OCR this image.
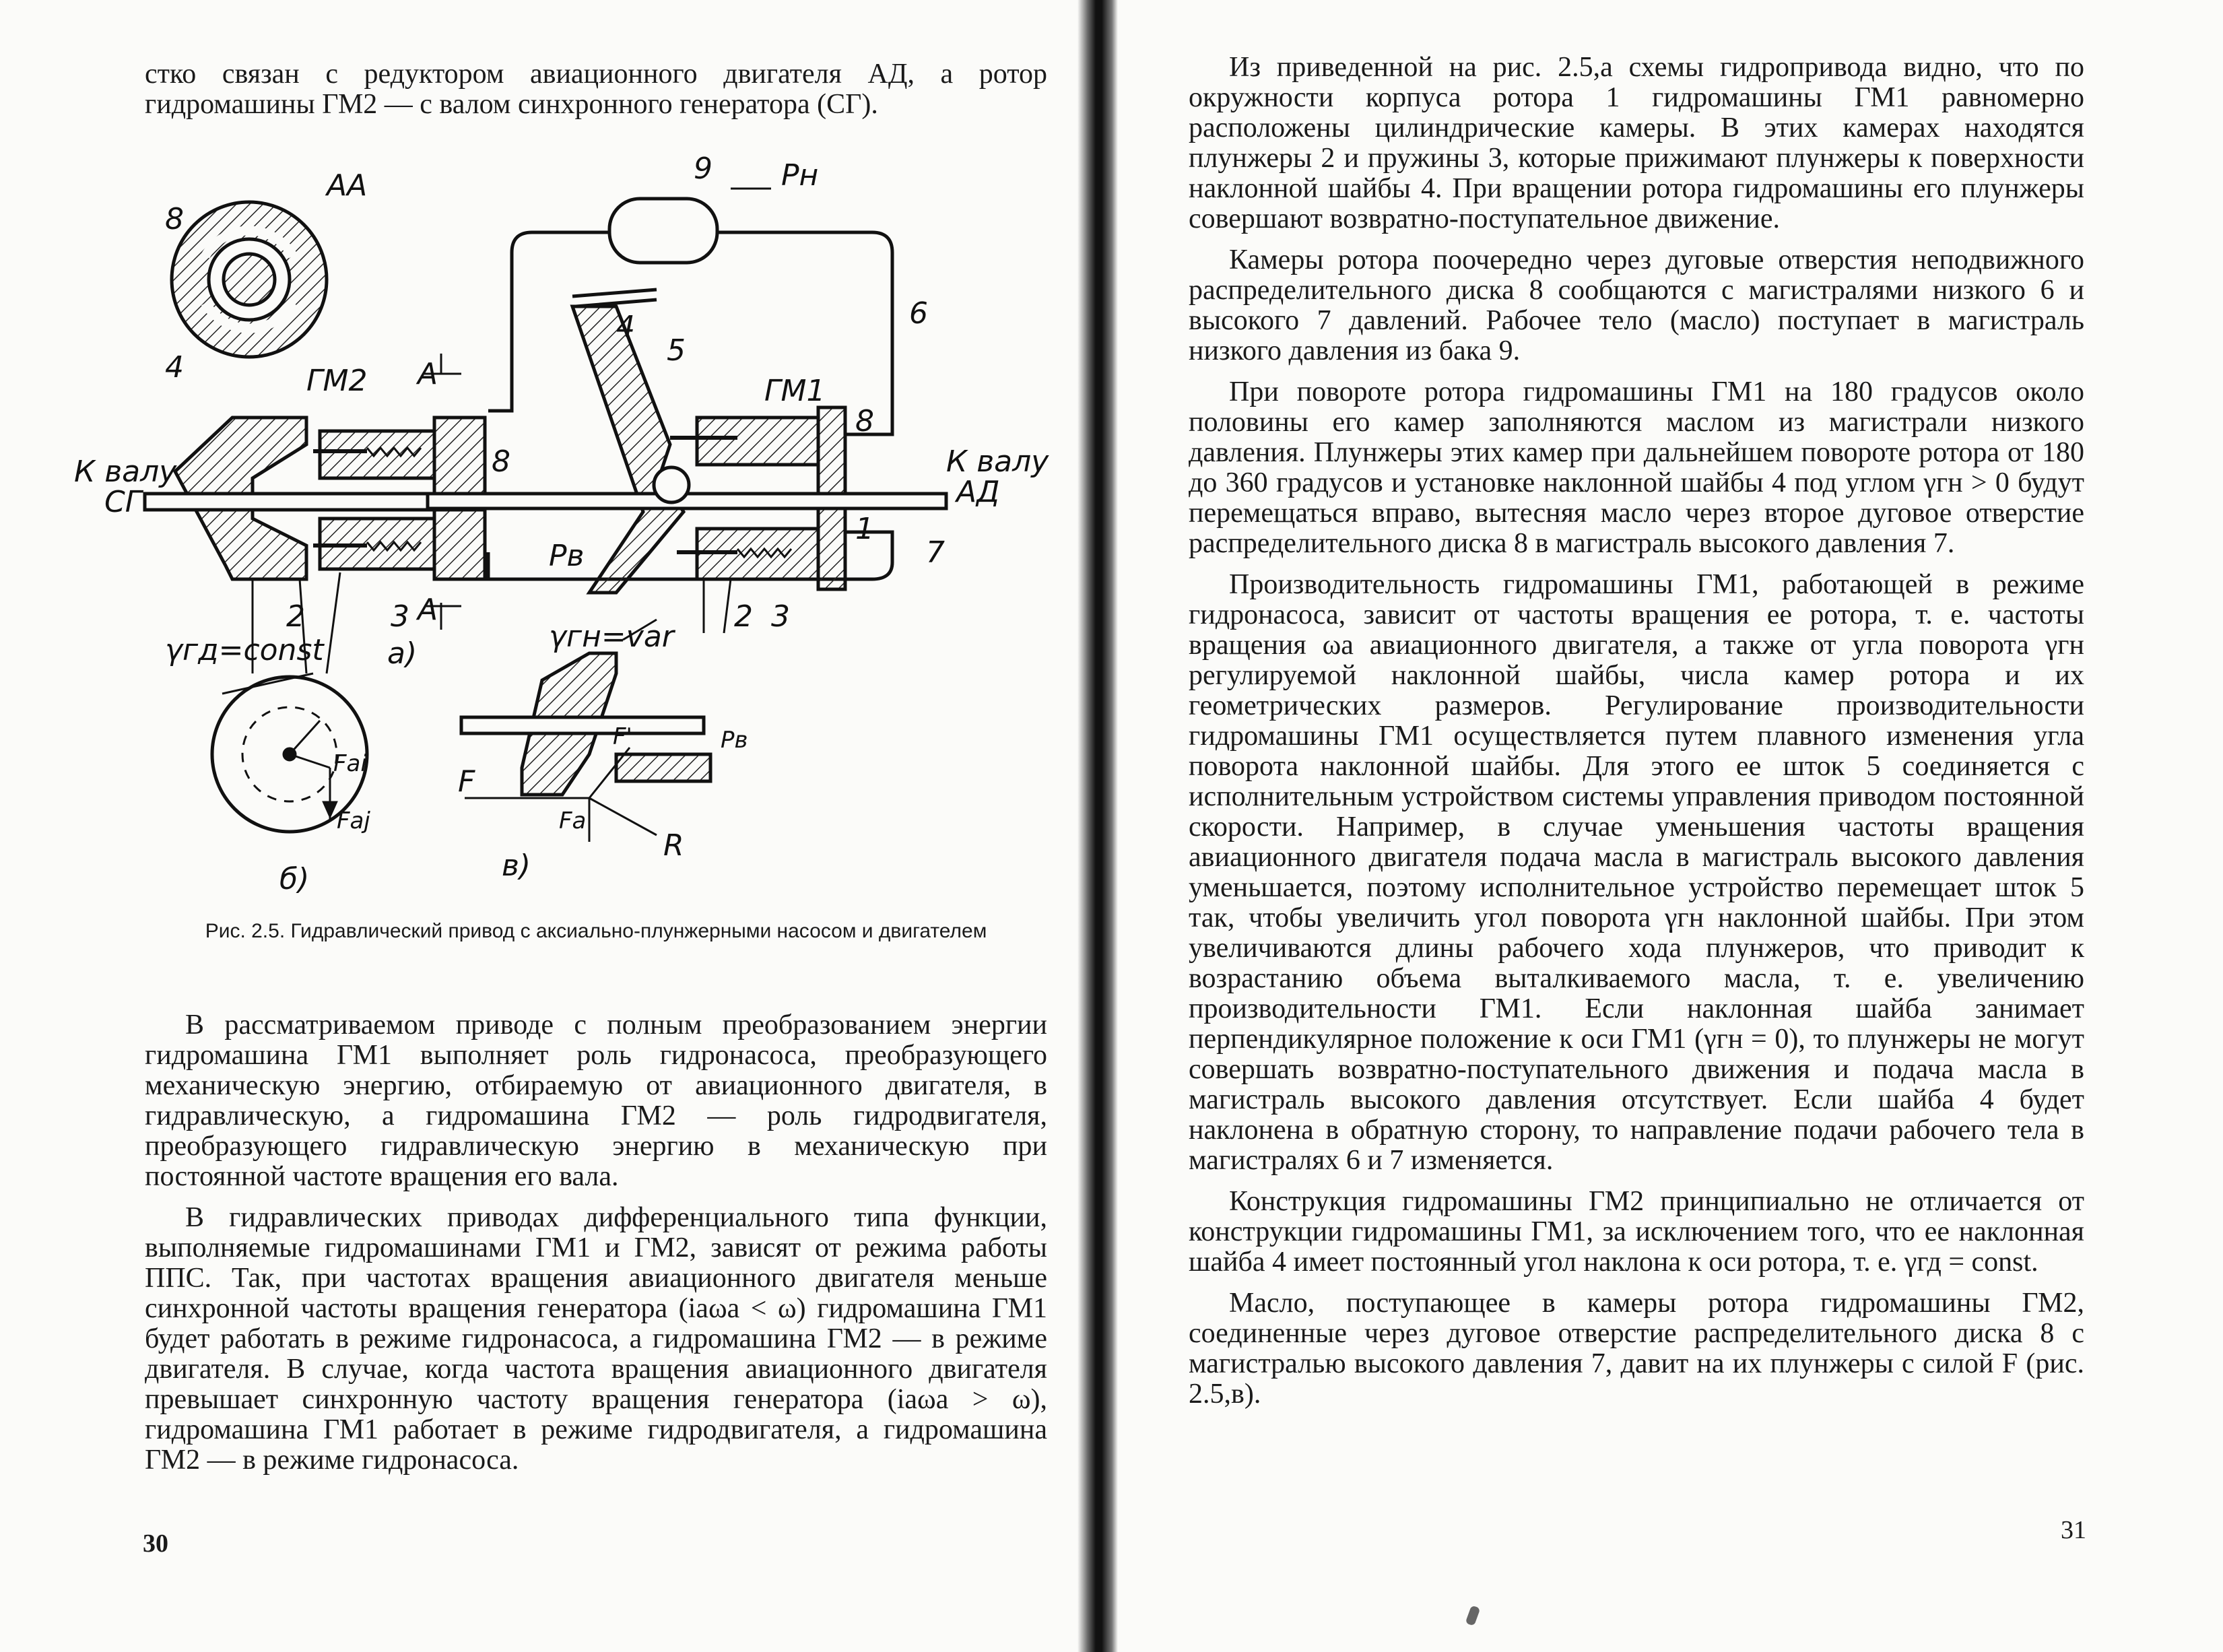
стко связан с редуктором авиационного двигателя АД, а ротор гидромашины ГМ2 — с валом синхронного генератора (СГ).

АА
8
9 Pн
6
4
5
4	ГМ2 А	ГМ1
8
8
К валу
СГ
К валу
АД
1
7
Pв
2	3 А	2 3
γгд=const	γгн=var
а)
Fai
Faj
б)
F'	Pв
F
Fa
R
в)
Рис. 2.5. Гидравлический привод с аксиально-плунжерными насосом и двигателем

В рассматриваемом приводе с полным преобразованием энергии гидромашина ГМ1 выполняет роль гидронасоса, преобразующего механическую энергию, отбираемую от авиационного двигателя, в гидравлическую, а гидромашина ГМ2 — роль гидродвигателя, преобразующего гидравлическую энергию в механическую при постоянной частоте вращения его вала.

В гидравлических приводах дифференциального типа функции, выполняемые гидромашинами ГМ1 и ГМ2, зависят от режима работы ППС. Так, при частотах вращения авиационного двигателя меньше синхронной частоты вращения генератора (iаωа < ω) гидромашина ГМ1 будет работать в режиме гидронасоса, а гидромашина ГМ2 — в режиме двигателя. В случае, когда частота вращения авиационного двигателя превышает синхронную частоту вращения генератора (iаωа > ω), гидромашина ГМ1 работает в режиме гидродвигателя, а гидромашина ГМ2 — в режиме гидронасоса.

30

Из приведенной на рис. 2.5,а схемы гидропривода видно, что по окружности корпуса ротора 1 гидромашины ГМ1 равномерно расположены цилиндрические камеры. В этих камерах находятся плунжеры 2 и пружины 3, которые прижимают плунжеры к поверхности наклонной шайбы 4. При вращении ротора гидромашины его плунжеры совершают возвратно-поступательное движение.

Камеры ротора поочередно через дуговые отверстия неподвижного распределительного диска 8 сообщаются с магистралями низкого 6 и высокого 7 давлений. Рабочее тело (масло) поступает в магистраль низкого давления из бака 9.

При повороте ротора гидромашины ГМ1 на 180 градусов около половины его камер заполняются маслом из магистрали низкого давления. Плунжеры этих камер при дальнейшем повороте ротора от 180 до 360 градусов и установке наклонной шайбы 4 под углом γгн > 0 будут перемещаться вправо, вытесняя масло через второе дуговое отверстие распределительного диска 8 в магистраль высокого давления 7.

Производительность гидромашины ГМ1, работающей в режиме гидронасоса, зависит от частоты вращения ее ротора, т. е. частоты вращения ωа авиационного двигателя, а также от угла поворота γгн регулируемой наклонной шайбы, числа камер ротора и их геометрических размеров. Регулирование производительности гидромашины ГМ1 осуществляется путем плавного изменения угла поворота наклонной шайбы. Для этого ее шток 5 соединяется с исполнительным устройством системы управления приводом постоянной скорости. Например, в случае уменьшения частоты вращения авиационного двигателя подача масла в магистраль высокого давления уменьшается, поэтому исполнительное устройство перемещает шток 5 так, чтобы увеличить угол поворота γгн наклонной шайбы. При этом увеличиваются длины рабочего хода плунжеров, что приводит к возрастанию объема выталкиваемого масла, т. е. увеличению производительности ГМ1. Если наклонная шайба занимает перпендикулярное положение к оси ГМ1 (γгн = 0), то плунжеры не могут совершать возвратно-поступательного движения и подача масла в магистраль высокого давления отсутствует. Если шайба 4 будет наклонена в обратную сторону, то направление подачи рабочего тела в магистралях 6 и 7 изменяется.

Конструкция гидромашины ГМ2 принципиально не отличается от конструкции гидромашины ГМ1, за исключением того, что ее наклонная шайба 4 имеет постоянный угол наклона к оси ротора, т. е. γгд = const.

Масло, поступающее в камеры ротора гидромашины ГМ2, соединенные через дуговое отверстие распределительного диска 8 с магистралью высокого давления 7, давит на их плунжеры с силой F (рис. 2.5,в).

31
